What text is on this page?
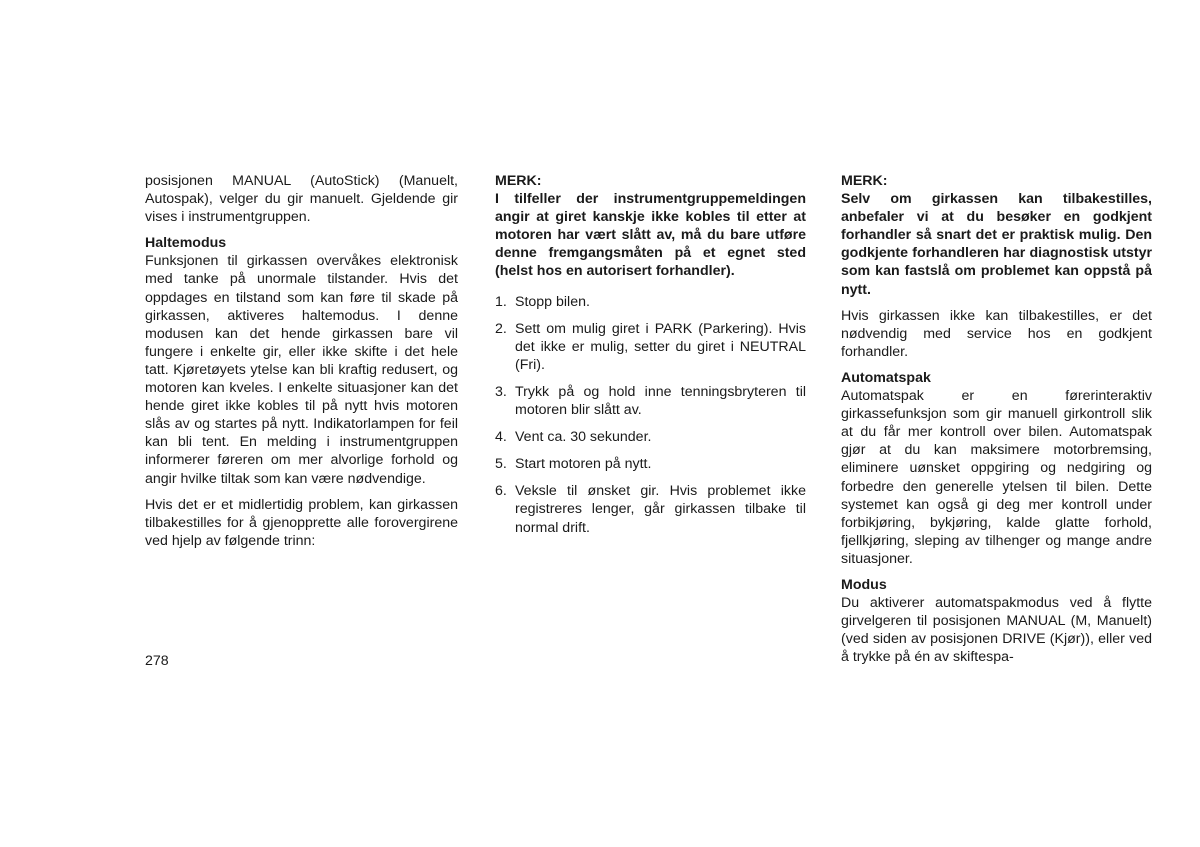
posisjonen MANUAL (AutoStick) (Manuelt, Autospak), velger du gir manuelt. Gjeldende gir vises i instrumentgruppen.

Haltemodus

Funksjonen til girkassen overvåkes elektronisk med tanke på unormale tilstander. Hvis det oppdages en tilstand som kan føre til skade på girkassen, aktiveres haltemodus. I denne modusen kan det hende girkassen bare vil fungere i enkelte gir, eller ikke skifte i det hele tatt. Kjøretøyets ytelse kan bli kraftig redusert, og motoren kan kveles. I enkelte situasjoner kan det hende giret ikke kobles til på nytt hvis motoren slås av og startes på nytt. Indikatorlampen for feil kan bli tent. En melding i instrumentgruppen informerer føreren om mer alvorlige forhold og angir hvilke tiltak som kan være nødvendige.

Hvis det er et midlertidig problem, kan girkassen tilbakestilles for å gjenopprette alle forovergirene ved hjelp av følgende trinn:

MERK:

I tilfeller der instrumentgruppemeldingen angir at giret kanskje ikke kobles til etter at motoren har vært slått av, må du bare utføre denne fremgangsmåten på et egnet sted (helst hos en autorisert forhandler).

1. Stopp bilen.
2. Sett om mulig giret i PARK (Parkering). Hvis det ikke er mulig, setter du giret i NEUTRAL (Fri).
3. Trykk på og hold inne tenningsbryteren til motoren blir slått av.
4. Vent ca. 30 sekunder.
5. Start motoren på nytt.
6. Veksle til ønsket gir. Hvis problemet ikke registreres lenger, går girkassen tilbake til normal drift.

MERK:

Selv om girkassen kan tilbakestilles, anbefaler vi at du besøker en godkjent forhandler så snart det er praktisk mulig. Den godkjente forhandleren har diagnostisk utstyr som kan fastslå om problemet kan oppstå på nytt.

Hvis girkassen ikke kan tilbakestilles, er det nødvendig med service hos en godkjent forhandler.

Automatspak

Automatspak er en førerinteraktiv girkassefunksjon som gir manuell girkontroll slik at du får mer kontroll over bilen. Automatspak gjør at du kan maksimere motorbremsing, eliminere uønsket oppgiring og nedgiring og forbedre den generelle ytelsen til bilen. Dette systemet kan også gi deg mer kontroll under forbikjøring, bykjøring, kalde glatte forhold, fjellkjøring, sleping av tilhenger og mange andre situasjoner.

Modus

Du aktiverer automatspakmodus ved å flytte girvelgeren til posisjonen MANUAL (M, Manuelt) (ved siden av posisjonen DRIVE (Kjør)), eller ved å trykke på én av skiftespa-

278
